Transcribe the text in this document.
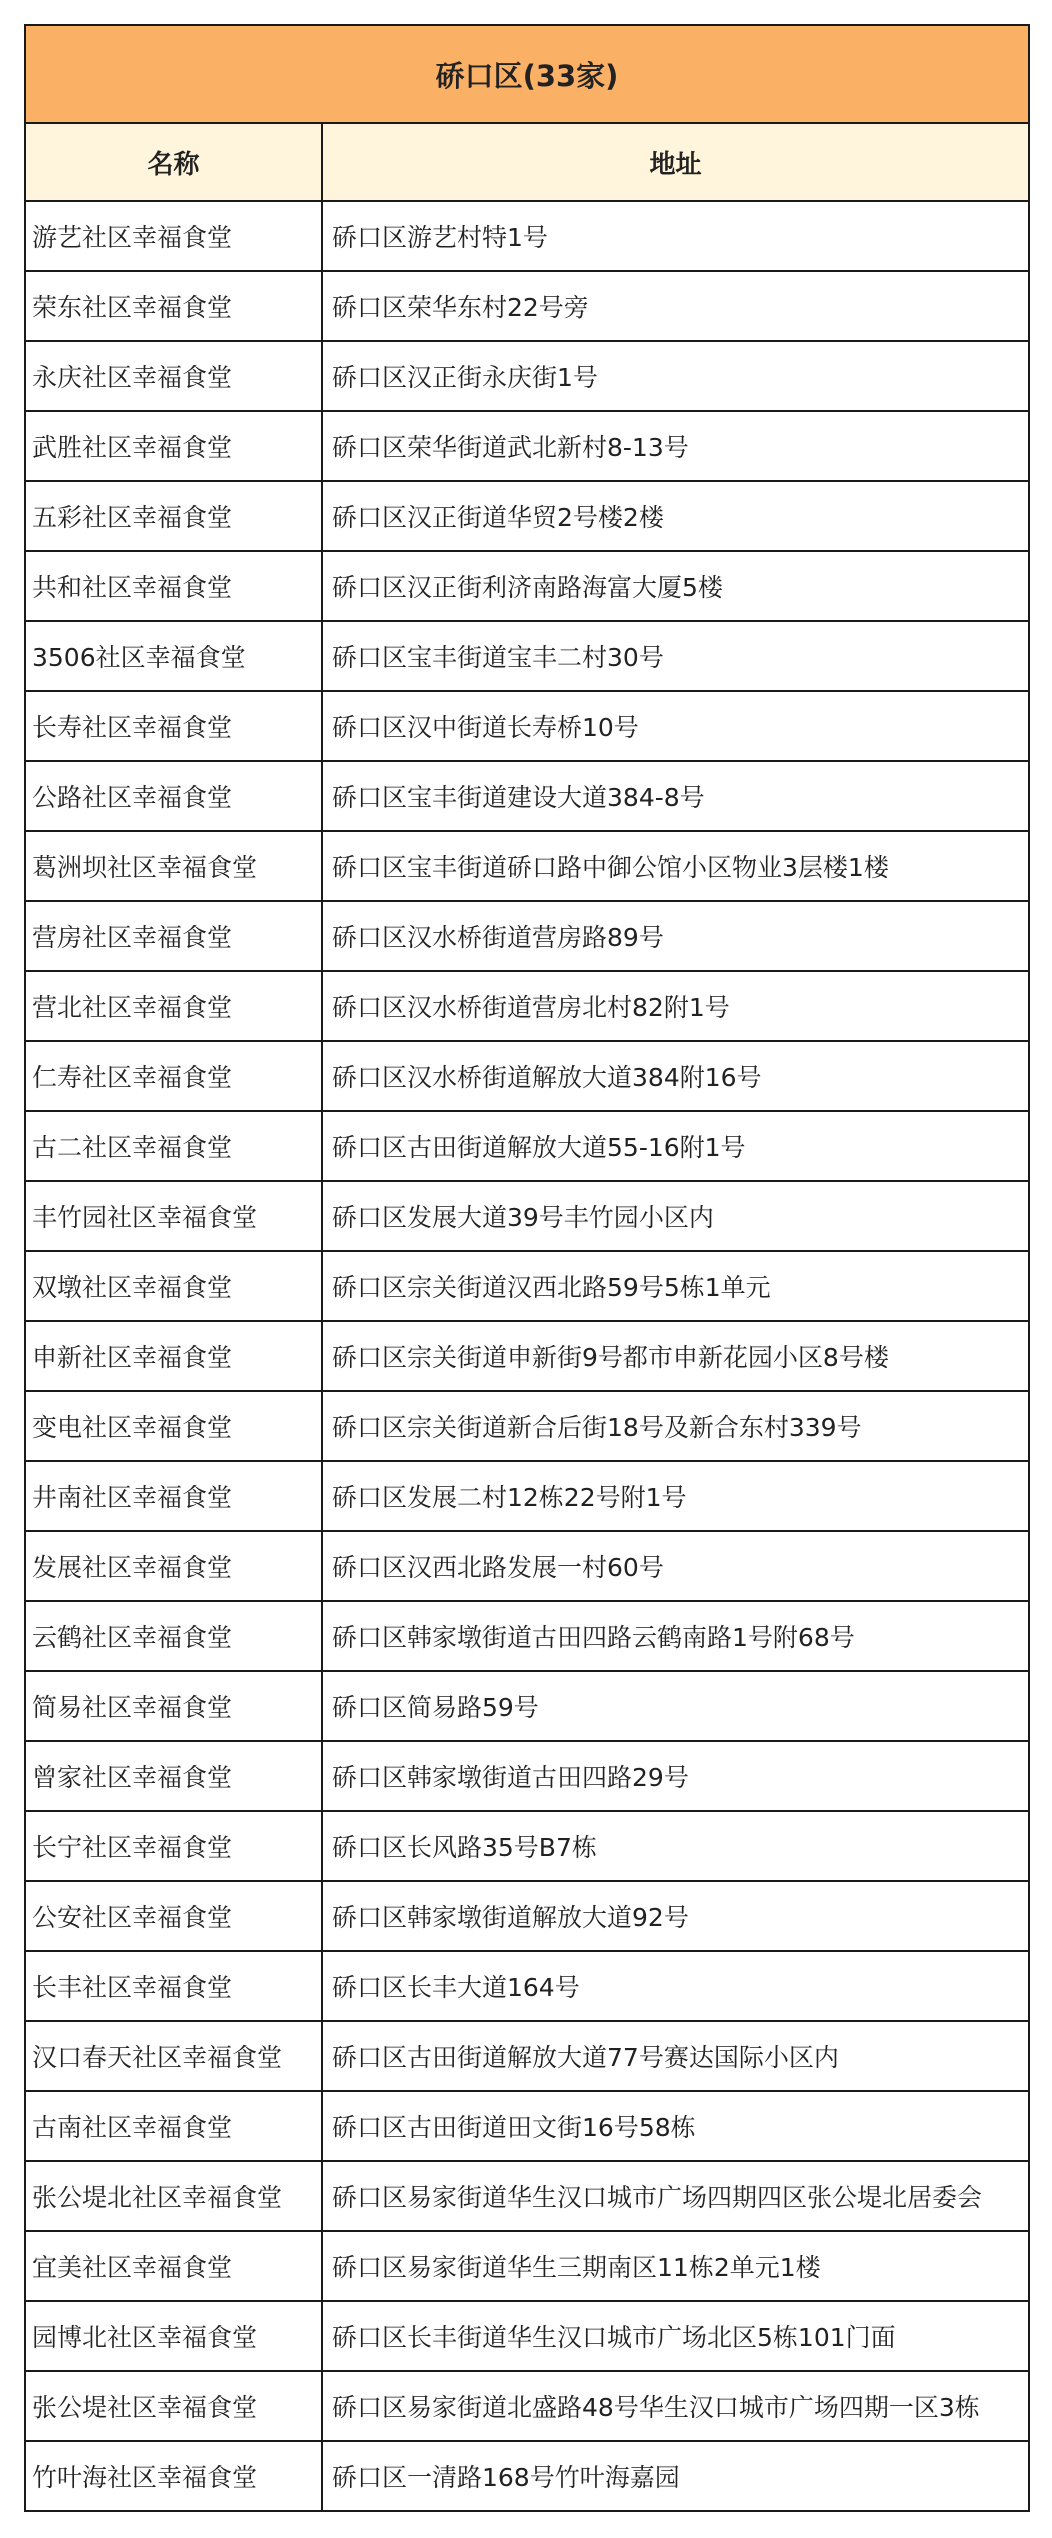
硚口区(33家)	
名称	地址
游艺社区幸福食堂	硚口区游艺村特1号
荣东社区幸福食堂	硚口区荣华东村22号旁
永庆社区幸福食堂	硚口区汉正街永庆街1号
武胜社区幸福食堂	硚口区荣华街道武北新村8-13号
五彩社区幸福食堂	硚口区汉正街道华贸2号楼2楼
共和社区幸福食堂	硚口区汉正街利济南路海富大厦5楼
3506社区幸福食堂	硚口区宝丰街道宝丰二村30号
长寿社区幸福食堂	硚口区汉中街道长寿桥10号
公路社区幸福食堂	硚口区宝丰街道建设大道384-8号
葛洲坝社区幸福食堂	硚口区宝丰街道硚口路中御公馆小区物业3层楼1楼
营房社区幸福食堂	硚口区汉水桥街道营房路89号
营北社区幸福食堂	硚口区汉水桥街道营房北村82附1号
仁寿社区幸福食堂	硚口区汉水桥街道解放大道384附16号
古二社区幸福食堂	硚口区古田街道解放大道55-16附1号
丰竹园社区幸福食堂	硚口区发展大道39号丰竹园小区内
双墩社区幸福食堂	硚口区宗关街道汉西北路59号5栋1单元
申新社区幸福食堂	硚口区宗关街道申新街9号都市申新花园小区8号楼
变电社区幸福食堂	硚口区宗关街道新合后街18号及新合东村339号
井南社区幸福食堂	硚口区发展二村12栋22号附1号
发展社区幸福食堂	硚口区汉西北路发展一村60号
云鹤社区幸福食堂	硚口区韩家墩街道古田四路云鹤南路1号附68号
简易社区幸福食堂	硚口区简易路59号
曾家社区幸福食堂	硚口区韩家墩街道古田四路29号
长宁社区幸福食堂	硚口区长风路35号B7栋
公安社区幸福食堂	硚口区韩家墩街道解放大道92号
长丰社区幸福食堂	硚口区长丰大道164号
汉口春天社区幸福食堂	硚口区古田街道解放大道77号赛达国际小区内
古南社区幸福食堂	硚口区古田街道田文街16号58栋
张公堤北社区幸福食堂	硚口区易家街道华生汉口城市广场四期四区张公堤北居委会
宜美社区幸福食堂	硚口区易家街道华生三期南区11栋2单元1楼
园博北社区幸福食堂	硚口区长丰街道华生汉口城市广场北区5栋101门面
张公堤社区幸福食堂	硚口区易家街道北盛路48号华生汉口城市广场四期一区3栋
竹叶海社区幸福食堂	硚口区一清路168号竹叶海嘉园
